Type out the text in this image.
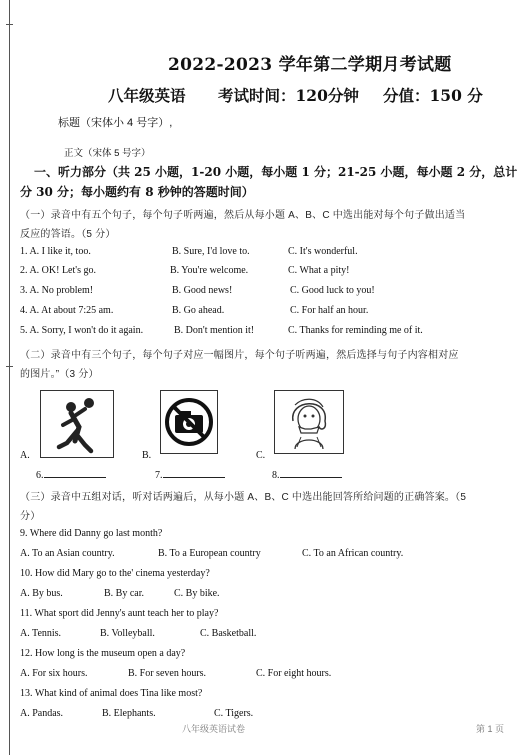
2022-2023 学年第二学期月考试题
八年级英语 考试时间：120分钟 分值：150 分
标题（宋体小 4 号字）,
正文（宋体 5 号字）
一、听力部分（共 25 小题，1-20 小题，每小题 1 分；21-25 小题，每小题 2 分，总计
分 30 分；每小题约有 8 秒钟的答题时间）
（一）录音中有五个句子，每个句子听两遍，然后从每小题 A、B、C 中选出能对每个句子做出适当
反应的答语。（5 分）
1. A. I like it, too.	B. Sure, I'd love to.	C. It's wonderful.
2. A. OK! Let's go.	B. You're welcome.	C. What a pity!
3. A. No problem!	B. Good news!	C. Good luck to you!
4. A. At about 7:25 am.	B. Go ahead.	C. For half an hour.
5. A. Sorry, I won't do it again.	B. Don't mention it!	C. Thanks for reminding me of it.
（二）录音中有三个句子，每个句子对应一幅图片，每个句子听两遍，然后选择与句子内容相对应
的图片。”（3 分）
A.	B.	C.
6.	7.	8.
（三）录音中五组对话，听对话两遍后，从每小题 A、B、C 中选出能回答所给问题的正确答案。（5
分）
9. Where did Danny go last month?
A. To an Asian country.	B. To a European country	C. To an African country.
10. How did Mary go to the' cinema yesterday?
A. By bus.	B. By car.	C. By bike.
11. What sport did Jenny's aunt teach her to play?
A. Tennis.	B. Volleyball.	C. Basketball.
12. How long is the museum open a day?
A. For six hours.	B. For seven hours.	C. For eight hours.
13. What kind of animal does Tina like most?
A. Pandas.	B. Elephants.	C. Tigers.
八年级英语试卷	第 1 页
